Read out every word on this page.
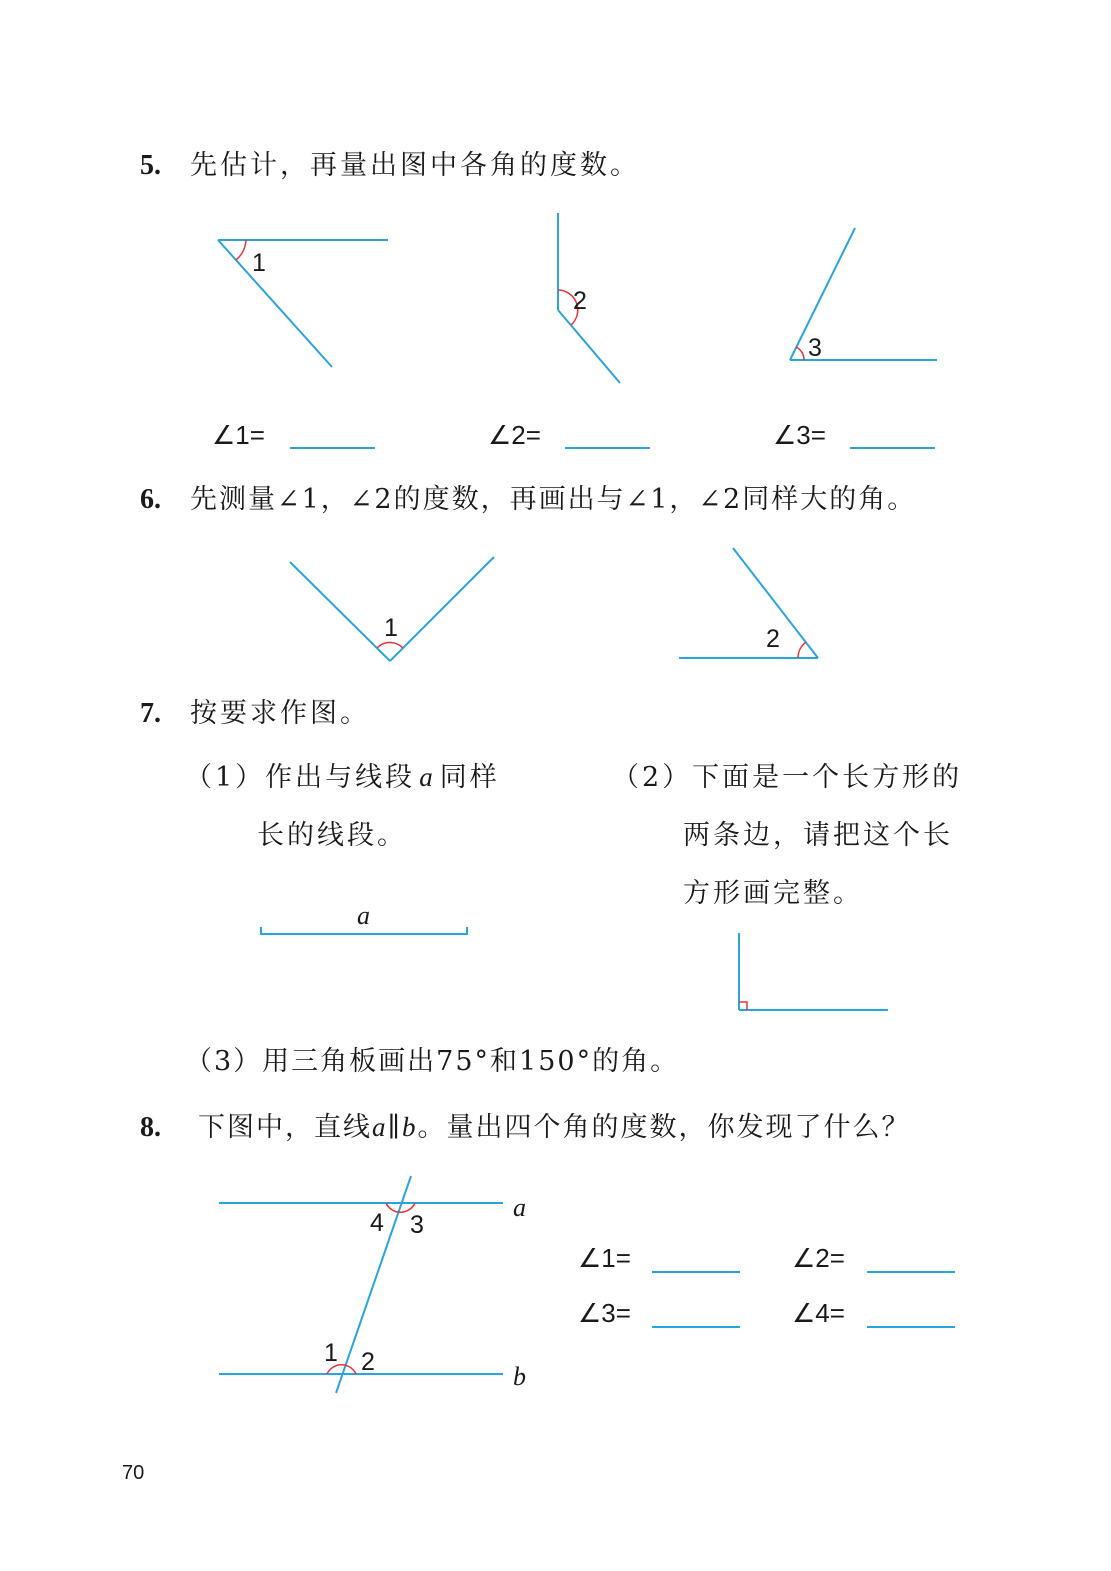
5. 先估计，再量出图中各角的度数。
1
2
3
∠1=	∠2=	∠3=
6. 先测量∠1，∠2的度数，再画出与∠1，∠2同样大的角。
1	2
7. 按要求作图。
（1）作出与线段 a 同样
长的线段。
a
（2）下面是一个长方形的
两条边，请把这个长
方形画完整。
（3）用三角板画出75°和150°的角。
8. 下图中，直线a∥b。量出四个角的度数，你发现了什么？
a
b
1 2
3
4
∠1=	∠2=
∠3=	∠4=
70
